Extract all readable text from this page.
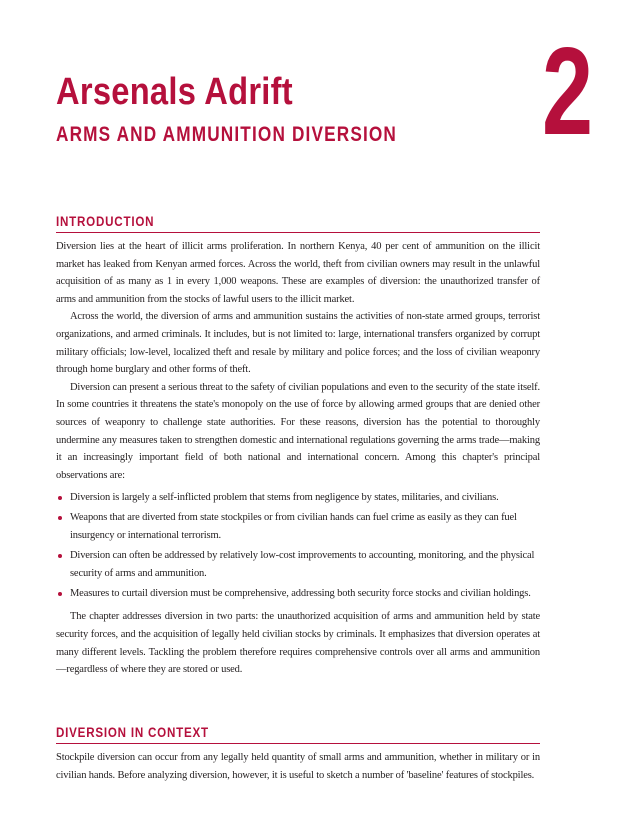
Arsenals Adrift
ARMS AND AMMUNITION DIVERSION 2
INTRODUCTION

Diversion lies at the heart of illicit arms proliferation. In northern Kenya, 40 per cent of ammunition on the illicit market has leaked from Kenyan armed forces. Across the world, theft from civilian owners may result in the unlawful acquisition of as many as 1 in every 1,000 weapons. These are examples of diversion: the unauthorized transfer of arms and ammunition from the stocks of lawful users to the illicit market.

Across the world, the diversion of arms and ammunition sustains the activities of non-state armed groups, terrorist organizations, and armed criminals. It includes, but is not limited to: large, international transfers organized by corrupt military officials; low-level, localized theft and resale by military and police forces; and the loss of civilian weaponry through home burglary and other forms of theft.

Diversion can present a serious threat to the safety of civilian populations and even to the security of the state itself. In some countries it threatens the state's monopoly on the use of force by allowing armed groups that are denied other sources of weaponry to challenge state authorities. For these reasons, diversion has the potential to thoroughly undermine any measures taken to strengthen domestic and international regulations governing the arms trade—making it an increasingly important field of both national and international concern. Among this chapter's principal observations are:

Diversion is largely a self-inflicted problem that stems from negligence by states, militaries, and civilians.
Weapons that are diverted from state stockpiles or from civilian hands can fuel crime as easily as they can fuel insurgency or international terrorism.
Diversion can often be addressed by relatively low-cost improvements to accounting, monitoring, and the physical security of arms and ammunition.
Measures to curtail diversion must be comprehensive, addressing both security force stocks and civilian holdings.

The chapter addresses diversion in two parts: the unauthorized acquisition of arms and ammunition held by state security forces, and the acquisition of legally held civilian stocks by criminals. It emphasizes that diversion operates at many different levels. Tackling the problem therefore requires comprehensive controls over all arms and ammunition—regardless of where they are stored or used.

DIVERSION IN CONTEXT

Stockpile diversion can occur from any legally held quantity of small arms and ammunition, whether in military or in civilian hands. Before analyzing diversion, however, it is useful to sketch a number of 'baseline' features of stockpiles.
